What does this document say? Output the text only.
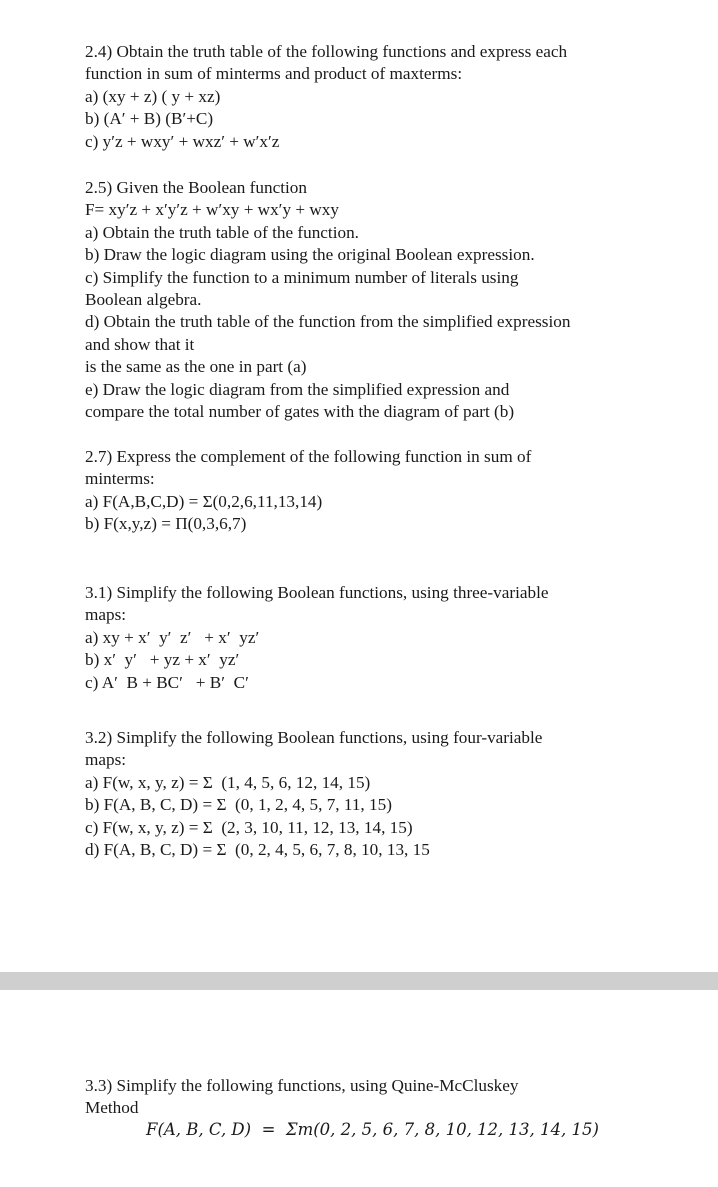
2.4) Obtain the truth table of the following functions and express each
function in sum of minterms and product of maxterms:
a) (xy + z) ( y + xz)
b) (A′ + B) (B′+C)
c) y′z + wxy′ + wxz′ + w′x′z
2.5) Given the Boolean function
F= xy′z + x′y′z + w′xy + wx′y + wxy
a) Obtain the truth table of the function.
b) Draw the logic diagram using the original Boolean expression.
c) Simplify the function to a minimum number of literals using
Boolean algebra.
d) Obtain the truth table of the function from the simplified expression
and show that it
is the same as the one in part (a)
e) Draw the logic diagram from the simplified expression and
compare the total number of gates with the diagram of part (b)
2.7) Express the complement of the following function in sum of
minterms:
a) F(A,B,C,D) = Σ(0,2,6,11,13,14)
b) F(x,y,z) = Π(0,3,6,7)
3.1) Simplify the following Boolean functions, using three-variable
maps:
a) xy + x′  y′  z′   + x′  yz′
b) x′  y′   + yz + x′  yz′
c) A′  B + BC′   + B′  C′
3.2) Simplify the following Boolean functions, using four-variable
maps:
a) F(w, x, y, z) = Σ  (1, 4, 5, 6, 12, 14, 15)
b) F(A, B, C, D) = Σ  (0, 1, 2, 4, 5, 7, 11, 15)
c) F(w, x, y, z) = Σ  (2, 3, 10, 11, 12, 13, 14, 15)
d) F(A, B, C, D) = Σ  (0, 2, 4, 5, 6, 7, 8, 10, 13, 15
3.3) Simplify the following functions, using Quine-McCluskey
Method
F(A, B, C, D)  =  Σm(0, 2, 5, 6, 7, 8, 10, 12, 13, 14, 15)
